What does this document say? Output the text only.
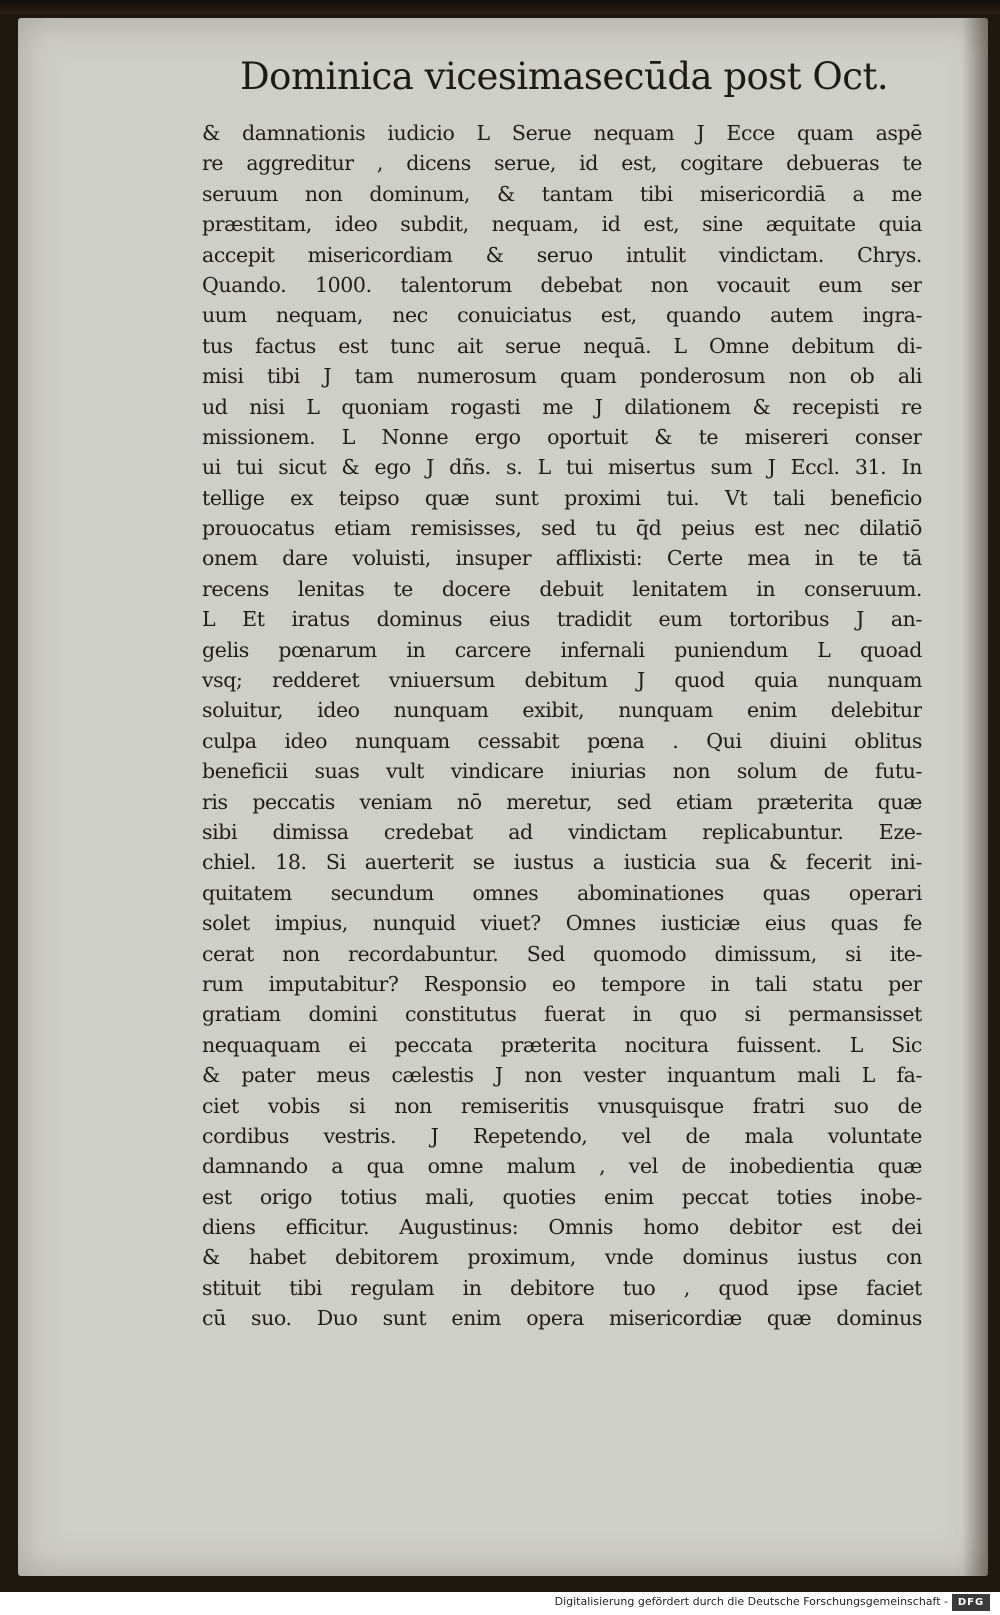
Dominica vicesimasecūda post Oct.
& damnationis iudicio L Serue nequam J Ecce quam aspē
re aggreditur , dicens serue, id est, cogitare debueras te
seruum non dominum, & tantam tibi misericordiā a me
præstitam, ideo subdit, nequam, id est, sine æquitate quia
accepit misericordiam & seruo intulit vindictam. Chrys.
Quando. 1000. talentorum debebat non vocauit eum ser
uum nequam, nec conuiciatus est, quando autem ingra-
tus factus est tunc ait serue nequā. L Omne debitum di-
misi tibi J tam numerosum quam ponderosum non ob ali
ud nisi L quoniam rogasti me J dilationem & recepisti re
missionem. L Nonne ergo oportuit & te misereri conser
ui tui sicut & ego J dñs. s. L tui misertus sum J Eccl. 31. In
tellige ex teipso quæ sunt proximi tui. Vt tali beneficio
prouocatus etiam remisisses, sed tu q̄d peius est nec dilatiō
onem dare voluisti, insuper afflixisti: Certe mea in te tā
recens lenitas te docere debuit lenitatem in conseruum.
L Et iratus dominus eius tradidit eum tortoribus J an-
gelis pœnarum in carcere infernali puniendum L quoad
vsq; redderet vniuersum debitum J quod quia nunquam
soluitur, ideo nunquam exibit, nunquam enim delebitur
culpa ideo nunquam cessabit pœna . Qui diuini oblitus
beneficii suas vult vindicare iniurias non solum de futu-
ris peccatis veniam nō meretur, sed etiam præterita quæ
sibi dimissa credebat ad vindictam replicabuntur. Eze-
chiel. 18. Si auerterit se iustus a iusticia sua & fecerit ini-
quitatem secundum omnes abominationes quas operari
solet impius, nunquid viuet? Omnes iusticiæ eius quas fe
cerat non recordabuntur. Sed quomodo dimissum, si ite-
rum imputabitur? Responsio eo tempore in tali statu per
gratiam domini constitutus fuerat in quo si permansisset
nequaquam ei peccata præterita nocitura fuissent. L Sic
& pater meus cælestis J non vester inquantum mali L fa-
ciet vobis si non remiseritis vnusquisque fratri suo de
cordibus vestris. J Repetendo, vel de mala voluntate
damnando a qua omne malum , vel de inobedientia quæ
est origo totius mali, quoties enim peccat toties inobe-
diens efficitur. Augustinus: Omnis homo debitor est dei
& habet debitorem proximum, vnde dominus iustus con
stituit tibi regulam in debitore tuo , quod ipse faciet
cū suo. Duo sunt enim opera misericordiæ quæ dominus
Digitalisierung gefördert durch die Deutsche Forschungsgemeinschaft - DFG
